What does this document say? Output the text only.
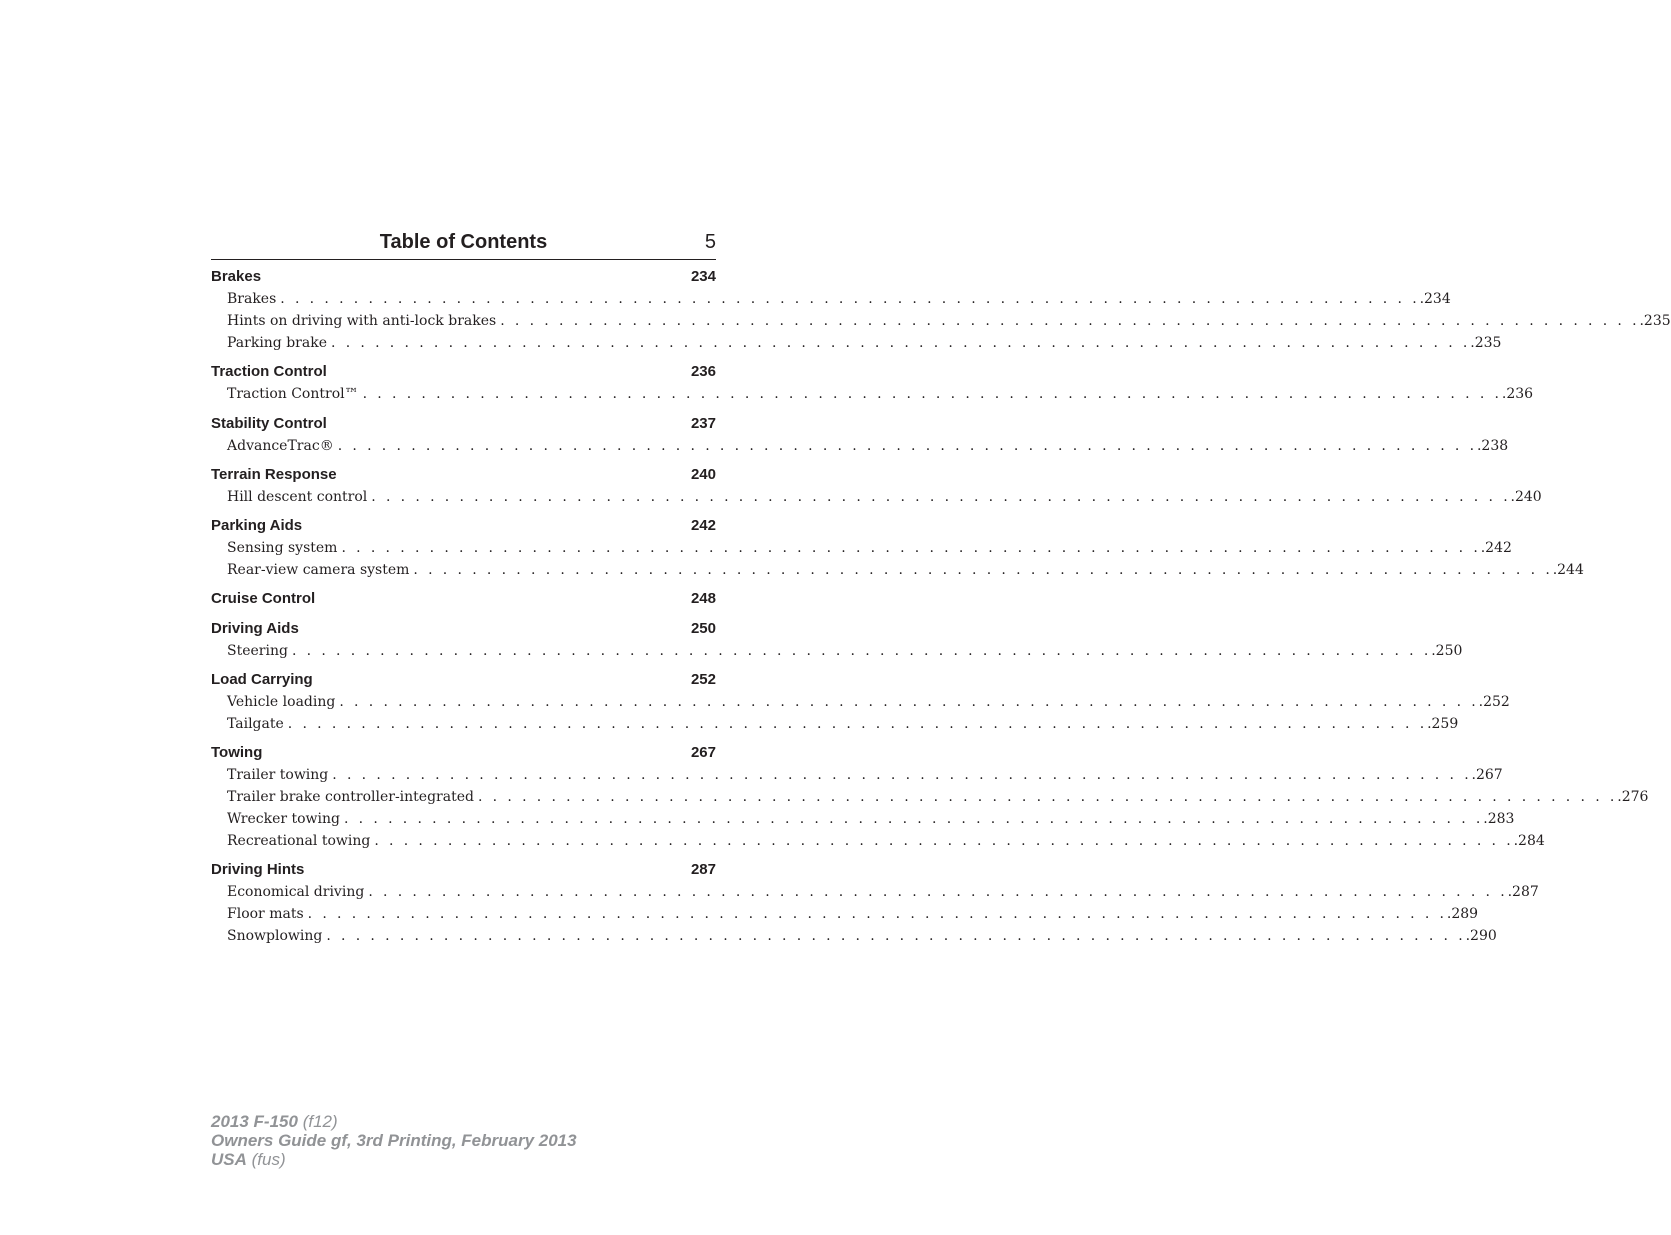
Table of Contents	5
Brakes	234
Brakes . . . . . . . . . . . . . . . . . . . . . . . . . . . . . . . . . . . . . . . . . . . . . . . . . . . . . . . . . . . . . . . . . . . . . . . . . . . . . . .234
Hints on driving with anti-lock brakes . . . . . . . . . . . . . . . . . . . . . . . . . . . . . . . . . . . . . . . . . . . . . . . . . . . . . . . . . . . . . . . . . . . . . . . . . . . . . . .235
Parking brake . . . . . . . . . . . . . . . . . . . . . . . . . . . . . . . . . . . . . . . . . . . . . . . . . . . . . . . . . . . . . . . . . . . . . . . . . . . . . . .235
Traction Control	236
Traction Control™ . . . . . . . . . . . . . . . . . . . . . . . . . . . . . . . . . . . . . . . . . . . . . . . . . . . . . . . . . . . . . . . . . . . . . . . . . . . . . . .236
Stability Control	237
AdvanceTrac® . . . . . . . . . . . . . . . . . . . . . . . . . . . . . . . . . . . . . . . . . . . . . . . . . . . . . . . . . . . . . . . . . . . . . . . . . . . . . . .238
Terrain Response	240
Hill descent control . . . . . . . . . . . . . . . . . . . . . . . . . . . . . . . . . . . . . . . . . . . . . . . . . . . . . . . . . . . . . . . . . . . . . . . . . . . . . . .240
Parking Aids	242
Sensing system . . . . . . . . . . . . . . . . . . . . . . . . . . . . . . . . . . . . . . . . . . . . . . . . . . . . . . . . . . . . . . . . . . . . . . . . . . . . . . .242
Rear-view camera system . . . . . . . . . . . . . . . . . . . . . . . . . . . . . . . . . . . . . . . . . . . . . . . . . . . . . . . . . . . . . . . . . . . . . . . . . . . . . . .244
Cruise Control	248
Driving Aids	250
Steering . . . . . . . . . . . . . . . . . . . . . . . . . . . . . . . . . . . . . . . . . . . . . . . . . . . . . . . . . . . . . . . . . . . . . . . . . . . . . . .250
Load Carrying	252
Vehicle loading . . . . . . . . . . . . . . . . . . . . . . . . . . . . . . . . . . . . . . . . . . . . . . . . . . . . . . . . . . . . . . . . . . . . . . . . . . . . . . .252
Tailgate . . . . . . . . . . . . . . . . . . . . . . . . . . . . . . . . . . . . . . . . . . . . . . . . . . . . . . . . . . . . . . . . . . . . . . . . . . . . . . .259
Towing	267
Trailer towing . . . . . . . . . . . . . . . . . . . . . . . . . . . . . . . . . . . . . . . . . . . . . . . . . . . . . . . . . . . . . . . . . . . . . . . . . . . . . . .267
Trailer brake controller-integrated . . . . . . . . . . . . . . . . . . . . . . . . . . . . . . . . . . . . . . . . . . . . . . . . . . . . . . . . . . . . . . . . . . . . . . . . . . . . . . .276
Wrecker towing . . . . . . . . . . . . . . . . . . . . . . . . . . . . . . . . . . . . . . . . . . . . . . . . . . . . . . . . . . . . . . . . . . . . . . . . . . . . . . .283
Recreational towing . . . . . . . . . . . . . . . . . . . . . . . . . . . . . . . . . . . . . . . . . . . . . . . . . . . . . . . . . . . . . . . . . . . . . . . . . . . . . . .284
Driving Hints	287
Economical driving . . . . . . . . . . . . . . . . . . . . . . . . . . . . . . . . . . . . . . . . . . . . . . . . . . . . . . . . . . . . . . . . . . . . . . . . . . . . . . .287
Floor mats . . . . . . . . . . . . . . . . . . . . . . . . . . . . . . . . . . . . . . . . . . . . . . . . . . . . . . . . . . . . . . . . . . . . . . . . . . . . . . .289
Snowplowing . . . . . . . . . . . . . . . . . . . . . . . . . . . . . . . . . . . . . . . . . . . . . . . . . . . . . . . . . . . . . . . . . . . . . . . . . . . . . . .290
2013 F-150 (f12)
Owners Guide gf, 3rd Printing, February 2013
USA (fus)
